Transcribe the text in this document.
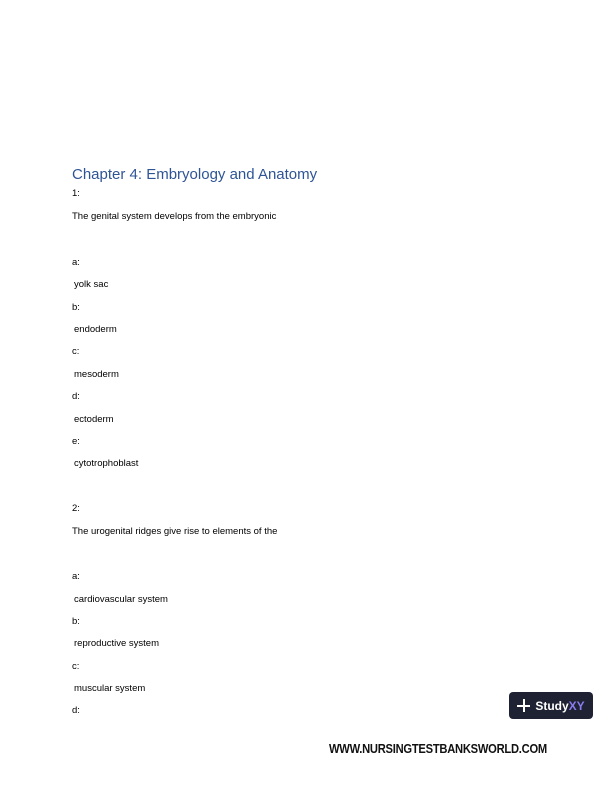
Chapter 4: Embryology and Anatomy
1:
The genital system develops from the embryonic
a:
yolk sac
b:
endoderm
c:
mesoderm
d:
ectoderm
e:
cytotrophoblast
2:
The urogenital ridges give rise to elements of the
a:
cardiovascular system
b:
reproductive system
c:
muscular system
d:	StudyXY
WWW.NURSINGTESTBANKSWORLD.COM
